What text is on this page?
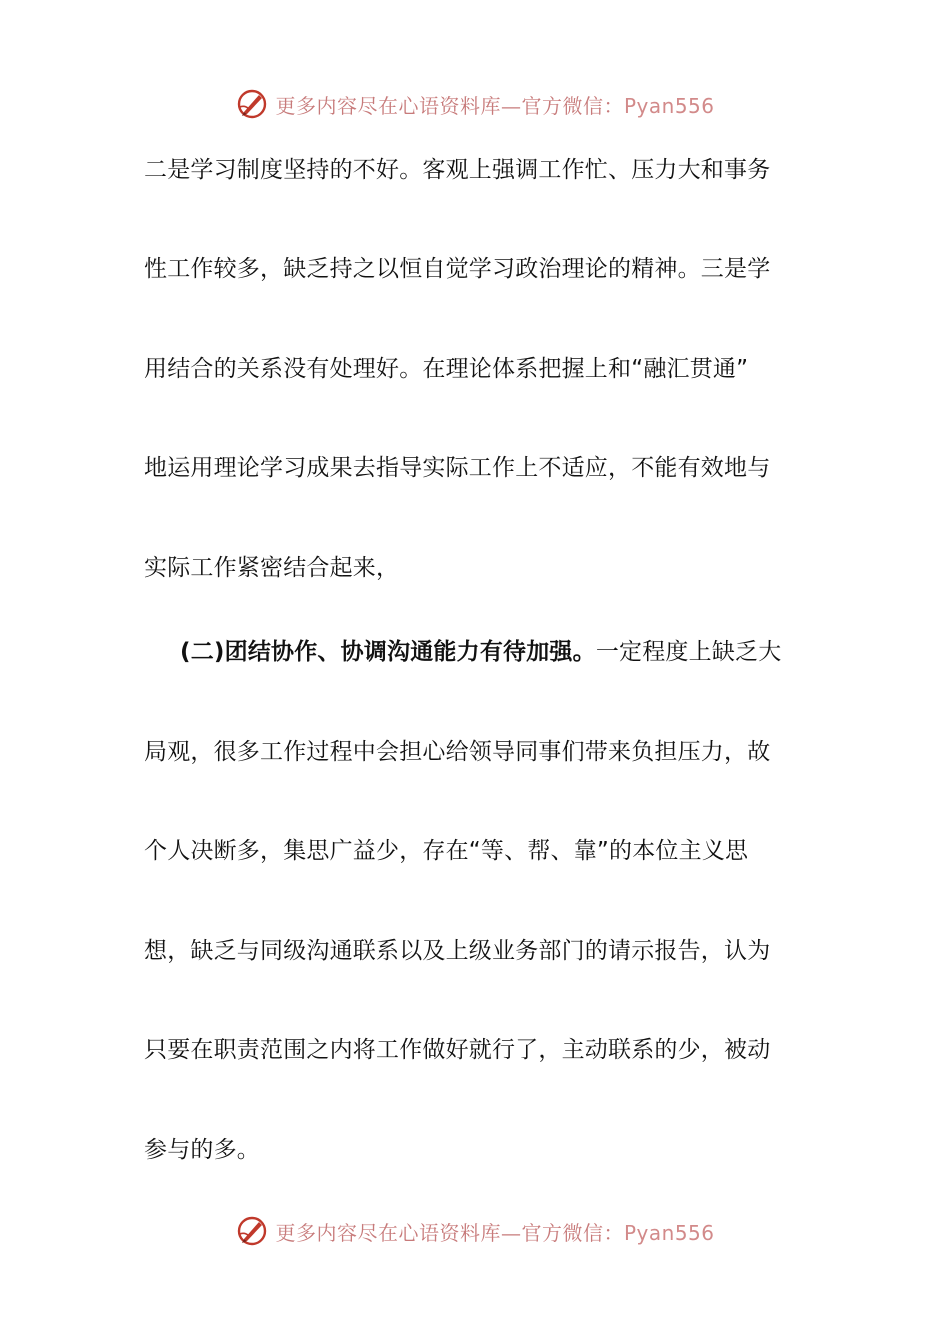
更多内容尽在心语资料库—官方微信：Pyan556
二是学习制度坚持的不好。客观上强调工作忙、压力大和事务
性工作较多，缺乏持之以恒自觉学习政治理论的精神。三是学
用结合的关系没有处理好。在理论体系把握上和“融汇贯通”
地运用理论学习成果去指导实际工作上不适应，不能有效地与
实际工作紧密结合起来，
(二)团结协作、协调沟通能力有待加强。一定程度上缺乏大
局观，很多工作过程中会担心给领导同事们带来负担压力，故
个人决断多，集思广益少，存在“等、帮、靠”的本位主义思
想，缺乏与同级沟通联系以及上级业务部门的请示报告，认为
只要在职责范围之内将工作做好就行了，主动联系的少，被动
参与的多。
更多内容尽在心语资料库—官方微信：Pyan556
